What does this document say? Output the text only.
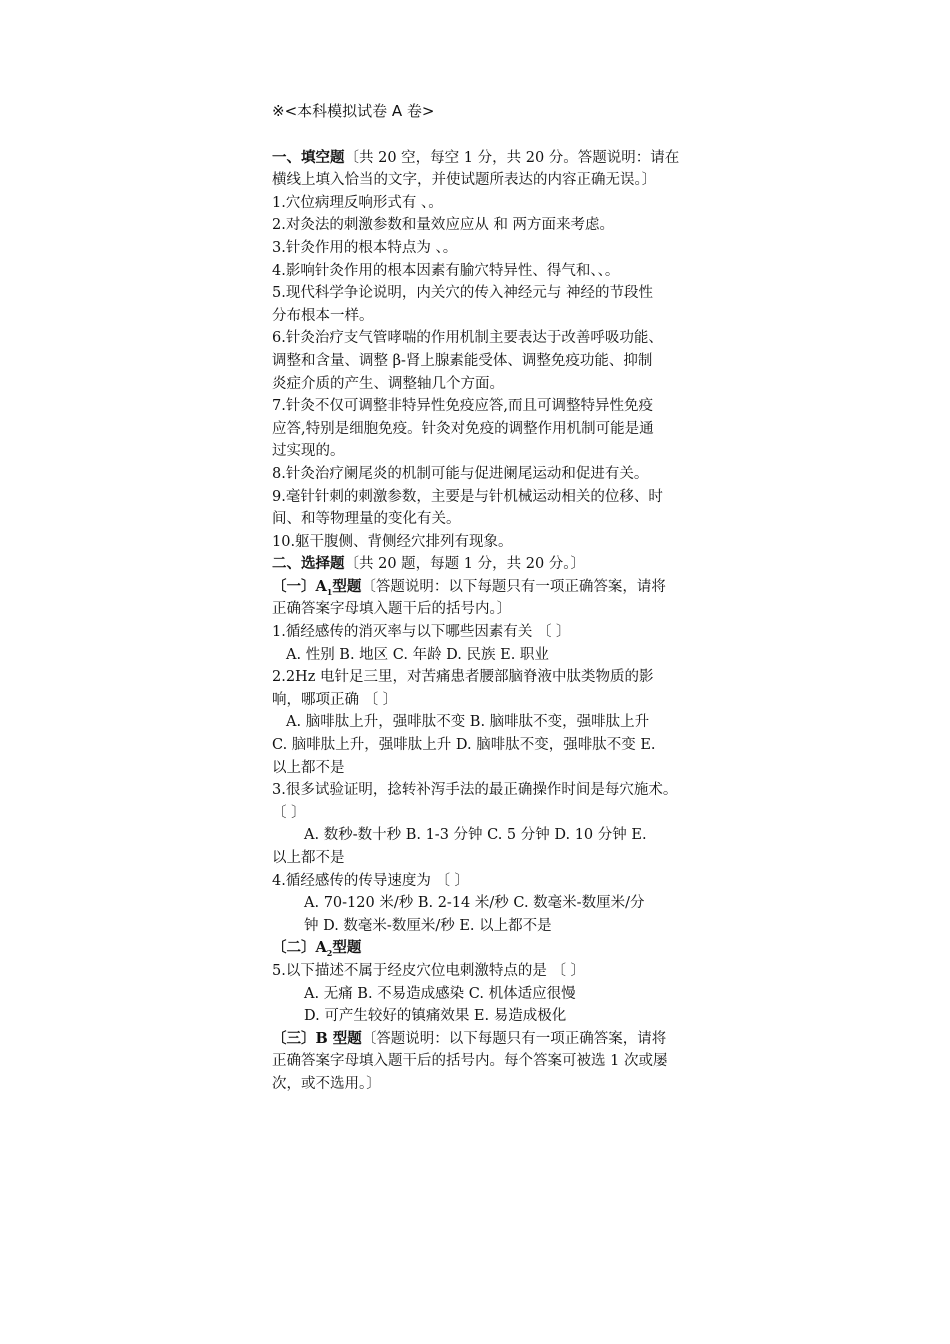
※<本科模拟试卷 A 卷>
一、填空题〔共 20 空，每空 1 分，共 20 分。答题说明：请在
横线上填入恰当的文字，并使试题所表达的内容正确无误。〕
1.穴位病理反响形式有 、。
2.对灸法的刺激参数和量效应应从 和 两方面来考虑。
3.针灸作用的根本特点为 、。
4.影响针灸作用的根本因素有腧穴特异性、得气和、、。
5.现代科学争论说明，内关穴的传入神经元与 神经的节段性
分布根本一样。
6.针灸治疗支气管哮喘的作用机制主要表达于改善呼吸功能、
调整和含量、调整 β-肾上腺素能受体、调整免疫功能、抑制
炎症介质的产生、调整轴几个方面。
7.针灸不仅可调整非特异性免疫应答,而且可调整特异性免疫
应答,特别是细胞免疫。针灸对免疫的调整作用机制可能是通
过实现的。
8.针灸治疗阑尾炎的机制可能与促进阑尾运动和促进有关。
9.毫针针刺的刺激参数，主要是与针机械运动相关的位移、时
间、和等物理量的变化有关。
10.躯干腹侧、背侧经穴排列有现象。
二、选择题〔共 20 题，每题 1 分，共 20 分。〕
〔一〕$A_1$型题〔答题说明：以下每题只有一项正确答案，请将
正确答案字母填入题干后的括号内。〕
1.循经感传的消灭率与以下哪些因素有关 〔 〕
A. 性别 B. 地区 C. 年龄 D. 民族 E. 职业
2.2Hz 电针足三里，对苦痛患者腰部脑脊液中肽类物质的影
响，哪项正确 〔 〕
A. 脑啡肽上升，强啡肽不变 B. 脑啡肽不变，强啡肽上升
C. 脑啡肽上升，强啡肽上升 D. 脑啡肽不变，强啡肽不变 E.
以上都不是
3.很多试验证明，捻转补泻手法的最正确操作时间是每穴施术。
〔 〕
A. 数秒-数十秒 B. 1-3 分钟 C. 5 分钟 D. 10 分钟 E.
以上都不是
4.循经感传的传导速度为 〔 〕
A. 70-120 米/秒 B. 2-14 米/秒 C. 数毫米-数厘米/分
钟 D. 数毫米-数厘米/秒 E. 以上都不是
〔二〕$A_2$型题
5.以下描述不属于经皮穴位电刺激特点的是 〔 〕
A. 无痛 B. 不易造成感染 C. 机体适应很慢
D. 可产生较好的镇痛效果 E. 易造成极化
〔三〕B 型题〔答题说明：以下每题只有一项正确答案，请将
正确答案字母填入题干后的括号内。每个答案可被选 1 次或屡
次，或不选用。〕
